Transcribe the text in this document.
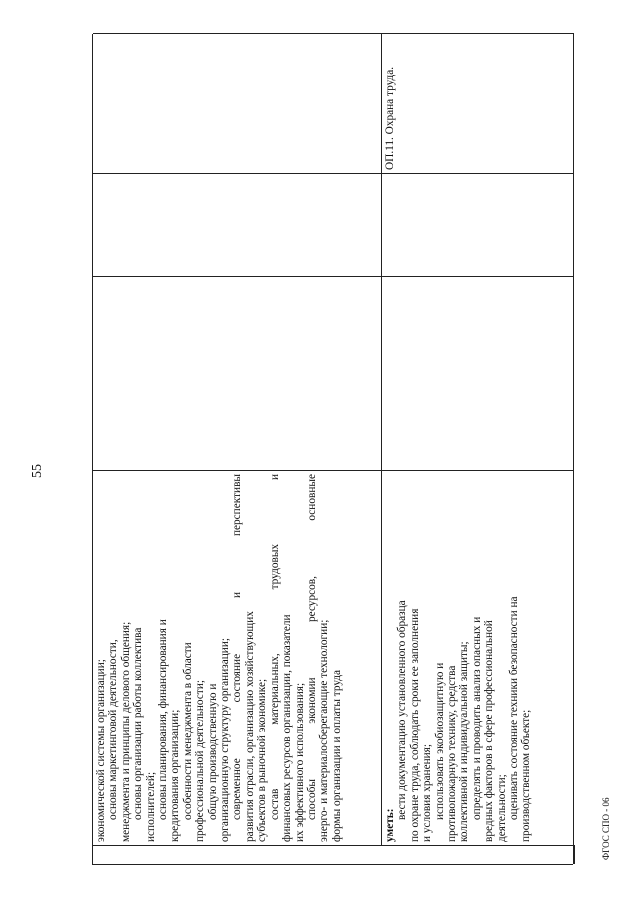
55
ФГОС СПО - 06

экономической системы организации; основы маркетинговой деятельности, менеджмента и принципы делового общения; основы организации работы коллектива исполнителей; основы планирования, финансирования и кредитования организации; особенности менеджмента в области профессиональной деятельности; общую производственную и организационную структуру организации; современное состояние и перспективы развития отрасли, организацию хозяйствующих субъектов в рыночной экономике; состав материальных, трудовых и финансовых ресурсов организации, показатели их эффективного использования; способы экономии ресурсов, основные энерго- и материалосберегающие технологии; формы организации и оплаты труда	уметь:

вести документацию установленного образца по охране труда, соблюдать сроки ее заполнения и условия хранения; использовать экобиозащитную и противопожарную технику, средства коллективной и индивидуальной защиты; определять и проводить анализ опасных и вредных факторов в сфере профессиональной деятельности; оценивать состояние техники безопасности на производственном объекте;

ОП.11. Охрана труда.
